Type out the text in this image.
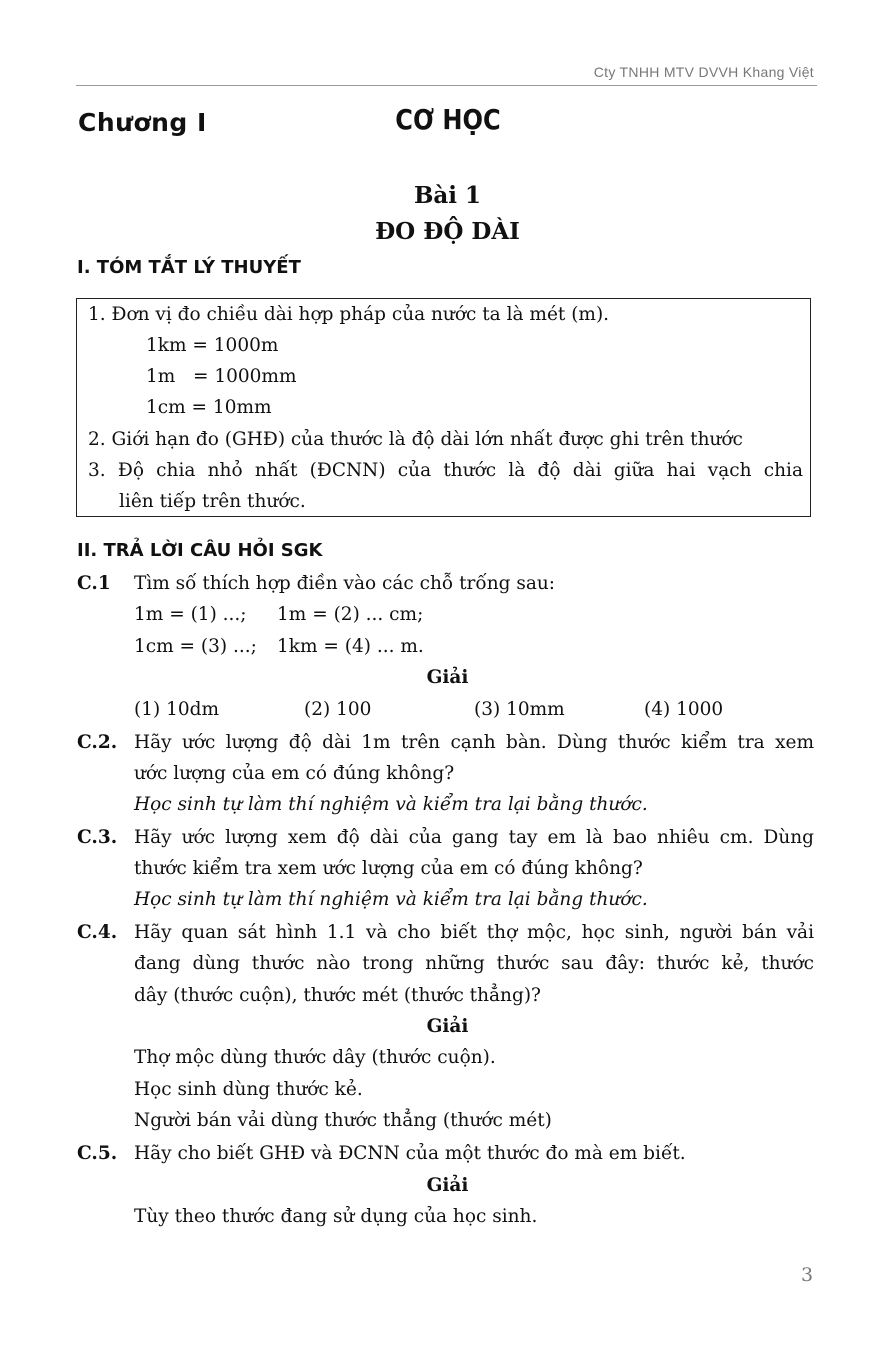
Cty TNHH MTV DVVH Khang Việt
Chương I	CƠ HỌC
Bài 1
ĐO ĐỘ DÀI
I. TÓM TẮT LÝ THUYẾT
1. Đơn vị đo chiều dài hợp pháp của nước ta là mét (m).
1km = 1000m
1m   = 1000mm
1cm = 10mm
2. Giới hạn đo (GHĐ) của thước là độ dài lớn nhất được ghi trên thước
3. Độ chia nhỏ nhất (ĐCNN) của thước là độ dài giữa hai vạch chia
liên tiếp trên thước.
II. TRẢ LỜI CÂU HỎI SGK
C.1 Tìm số thích hợp điền vào các chỗ trống sau:
1m = (1) ...; 1m = (2) ... cm;
1cm = (3) ...; 1km = (4) ... m.
Giải
(1) 10dm	(2) 100	(3) 10mm	(4) 1000
C.2. Hãy ước lượng độ dài 1m trên cạnh bàn. Dùng thước kiểm tra xem
ước lượng của em có đúng không?
Học sinh tự làm thí nghiệm và kiểm tra lại bằng thước.
C.3. Hãy ước lượng xem độ dài của gang tay em là bao nhiêu cm. Dùng
thước kiểm tra xem ước lượng của em có đúng không?
Học sinh tự làm thí nghiệm và kiểm tra lại bằng thước.
C.4. Hãy quan sát hình 1.1 và cho biết thợ mộc, học sinh, người bán vải
đang dùng thước nào trong những thước sau đây: thước kẻ, thước
dây (thước cuộn), thước mét (thước thẳng)?
Giải
Thợ mộc dùng thước dây (thước cuộn).
Học sinh dùng thước kẻ.
Người bán vải dùng thước thẳng (thước mét)
C.5. Hãy cho biết GHĐ và ĐCNN của một thước đo mà em biết.
Giải
Tùy theo thước đang sử dụng của học sinh.
3
